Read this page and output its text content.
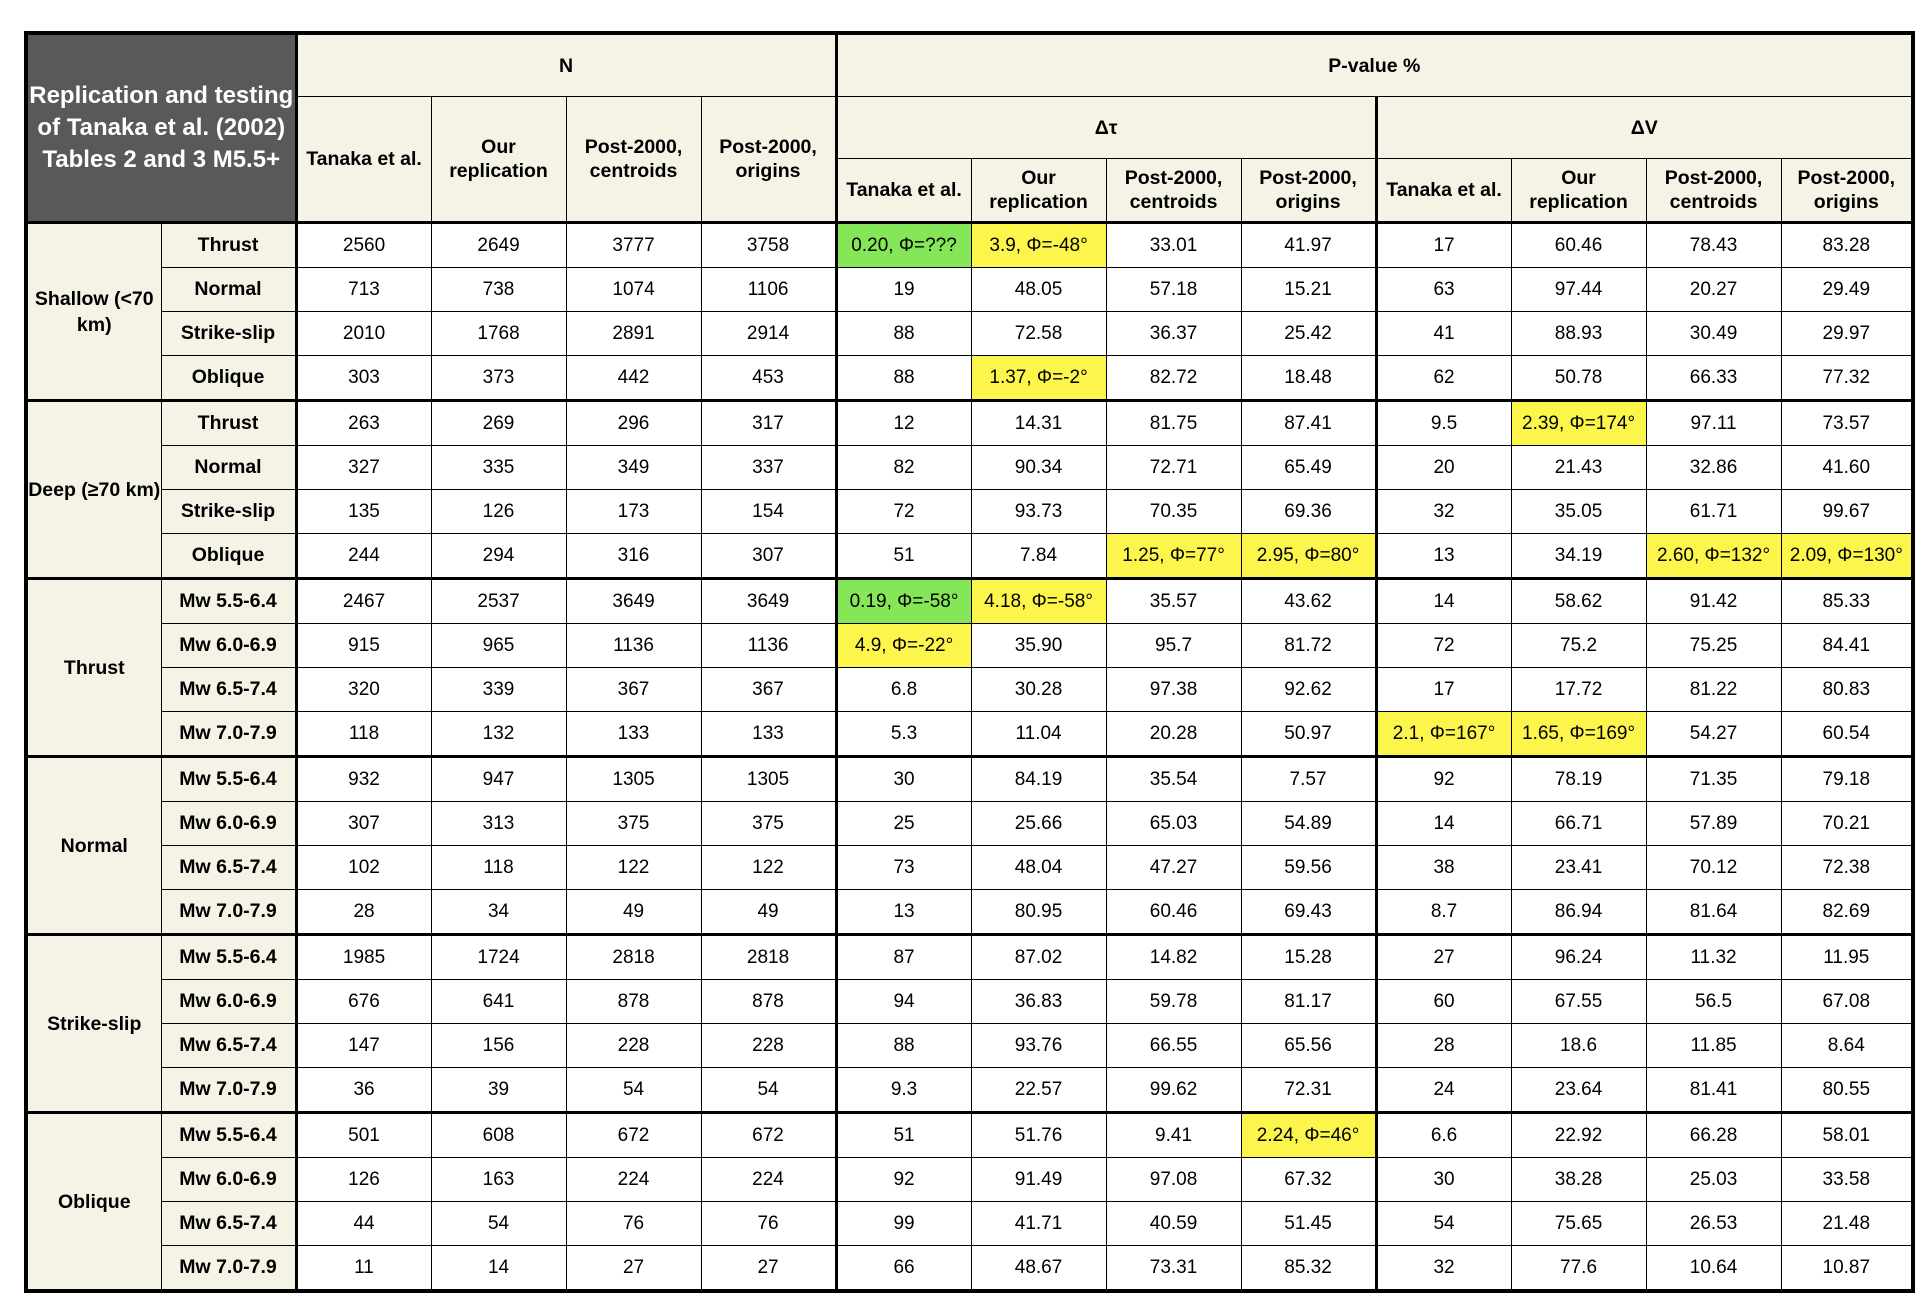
Replication and testing of Tanaka et al. (2002) Tables 2 and 3 M5.5+		N				P-value %							
		Tanaka et al.	Our replication	Post-2000, centroids	Post-2000, origins	Δτ				ΔV			
						Tanaka et al.	Our replication	Post-2000, centroids	Post-2000, origins	Tanaka et al.	Our replication	Post-2000, centroids	Post-2000, origins
Shallow (<70 km)	Thrust	2560	2649	3777	3758	0.20, Φ=???	3.9, Φ=-48°	33.01	41.97	17	60.46	78.43	83.28
	Normal	713	738	1074	1106	19	48.05	57.18	15.21	63	97.44	20.27	29.49
	Strike-slip	2010	1768	2891	2914	88	72.58	36.37	25.42	41	88.93	30.49	29.97
	Oblique	303	373	442	453	88	1.37, Φ=-2°	82.72	18.48	62	50.78	66.33	77.32
Deep (≥70 km)	Thrust	263	269	296	317	12	14.31	81.75	87.41	9.5	2.39, Φ=174°	97.11	73.57
	Normal	327	335	349	337	82	90.34	72.71	65.49	20	21.43	32.86	41.60
	Strike-slip	135	126	173	154	72	93.73	70.35	69.36	32	35.05	61.71	99.67
	Oblique	244	294	316	307	51	7.84	1.25, Φ=77°	2.95, Φ=80°	13	34.19	2.60, Φ=132°	2.09, Φ=130°
Thrust	Mw 5.5-6.4	2467	2537	3649	3649	0.19, Φ=-58°	4.18, Φ=-58°	35.57	43.62	14	58.62	91.42	85.33
	Mw 6.0-6.9	915	965	1136	1136	4.9, Φ=-22°	35.90	95.7	81.72	72	75.2	75.25	84.41
	Mw 6.5-7.4	320	339	367	367	6.8	30.28	97.38	92.62	17	17.72	81.22	80.83
	Mw 7.0-7.9	118	132	133	133	5.3	11.04	20.28	50.97	2.1, Φ=167°	1.65, Φ=169°	54.27	60.54
Normal	Mw 5.5-6.4	932	947	1305	1305	30	84.19	35.54	7.57	92	78.19	71.35	79.18
	Mw 6.0-6.9	307	313	375	375	25	25.66	65.03	54.89	14	66.71	57.89	70.21
	Mw 6.5-7.4	102	118	122	122	73	48.04	47.27	59.56	38	23.41	70.12	72.38
	Mw 7.0-7.9	28	34	49	49	13	80.95	60.46	69.43	8.7	86.94	81.64	82.69
Strike-slip	Mw 5.5-6.4	1985	1724	2818	2818	87	87.02	14.82	15.28	27	96.24	11.32	11.95
	Mw 6.0-6.9	676	641	878	878	94	36.83	59.78	81.17	60	67.55	56.5	67.08
	Mw 6.5-7.4	147	156	228	228	88	93.76	66.55	65.56	28	18.6	11.85	8.64
	Mw 7.0-7.9	36	39	54	54	9.3	22.57	99.62	72.31	24	23.64	81.41	80.55
Oblique	Mw 5.5-6.4	501	608	672	672	51	51.76	9.41	2.24, Φ=46°	6.6	22.92	66.28	58.01
	Mw 6.0-6.9	126	163	224	224	92	91.49	97.08	67.32	30	38.28	25.03	33.58
	Mw 6.5-7.4	44	54	76	76	99	41.71	40.59	51.45	54	75.65	26.53	21.48
	Mw 7.0-7.9	11	14	27	27	66	48.67	73.31	85.32	32	77.6	10.64	10.87
